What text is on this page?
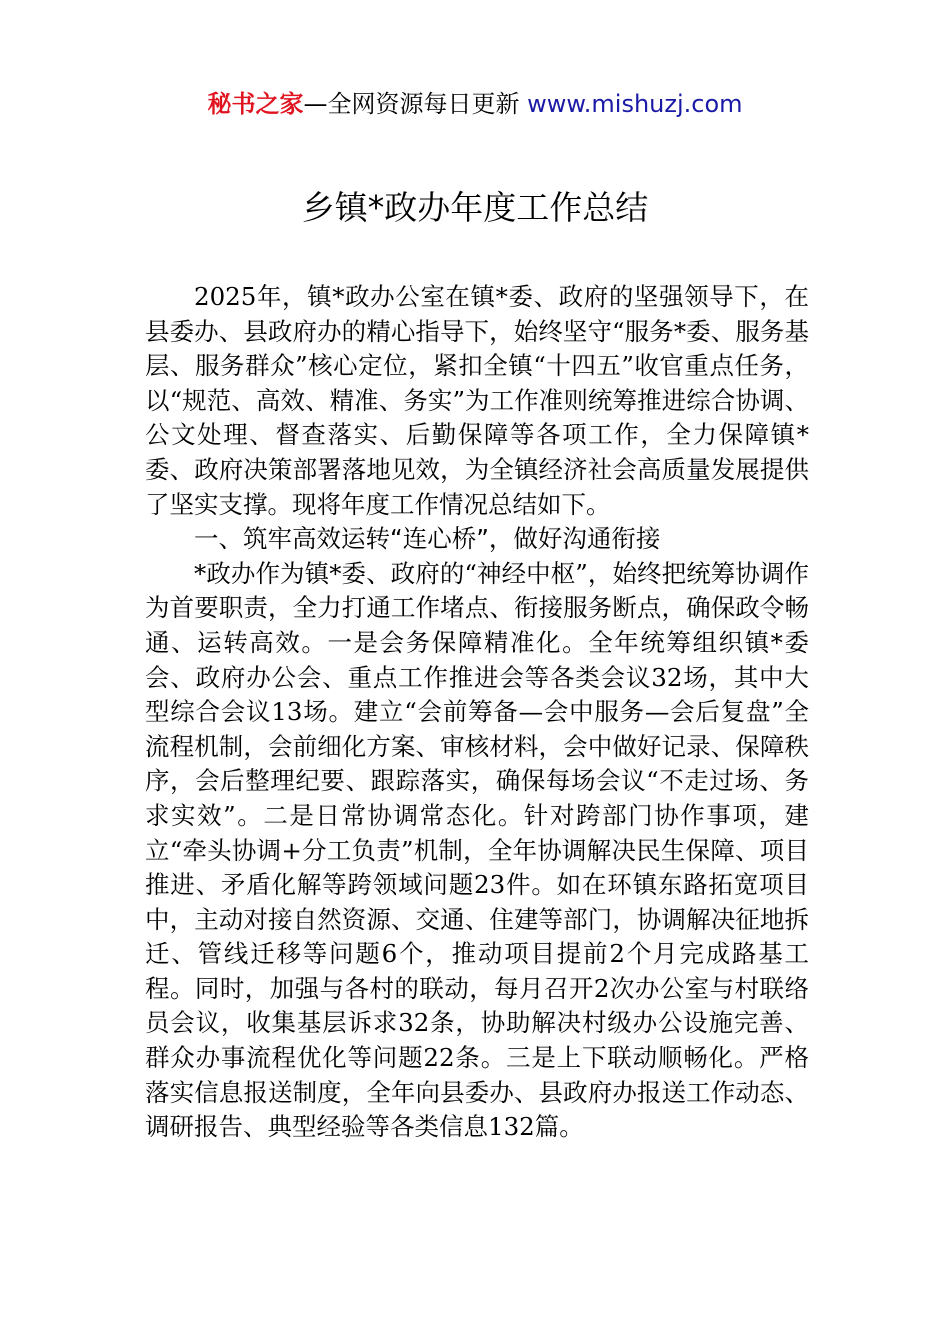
秘书之家—全网资源每日更新 www.mishuzj.com
乡镇*政办年度工作总结

2025年，镇*政办公室在镇*委、政府的坚强领导下，在县委办、县政府办的精心指导下，始终坚守“服务*委、服务基层、服务群众”核心定位，紧扣全镇“十四五”收官重点任务，以“规范、高效、精准、务实”为工作准则统筹推进综合协调、公文处理、督查落实、后勤保障等各项工作，全力保障镇*委、政府决策部署落地见效，为全镇经济社会高质量发展提供了坚实支撑。现将年度工作情况总结如下。

一、筑牢高效运转“连心桥”，做好沟通衔接

*政办作为镇*委、政府的“神经中枢”，始终把统筹协调作为首要职责，全力打通工作堵点、衔接服务断点，确保政令畅通、运转高效。一是会务保障精准化。全年统筹组织镇*委会、政府办公会、重点工作推进会等各类会议32场，其中大型综合会议13场。建立“会前筹备—会中服务—会后复盘”全流程机制，会前细化方案、审核材料，会中做好记录、保障秩序，会后整理纪要、跟踪落实，确保每场会议“不走过场、务求实效”。二是日常协调常态化。针对跨部门协作事项，建立“牵头协调+分工负责”机制，全年协调解决民生保障、项目推进、矛盾化解等跨领域问题23件。如在环镇东路拓宽项目中，主动对接自然资源、交通、住建等部门，协调解决征地拆迁、管线迁移等问题6个，推动项目提前2个月完成路基工程。同时，加强与各村的联动，每月召开2次办公室与村联络员会议，收集基层诉求32条，协助解决村级办公设施完善、群众办事流程优化等问题22条。三是上下联动顺畅化。严格落实信息报送制度，全年向县委办、县政府办报送工作动态、调研报告、典型经验等各类信息132篇。
